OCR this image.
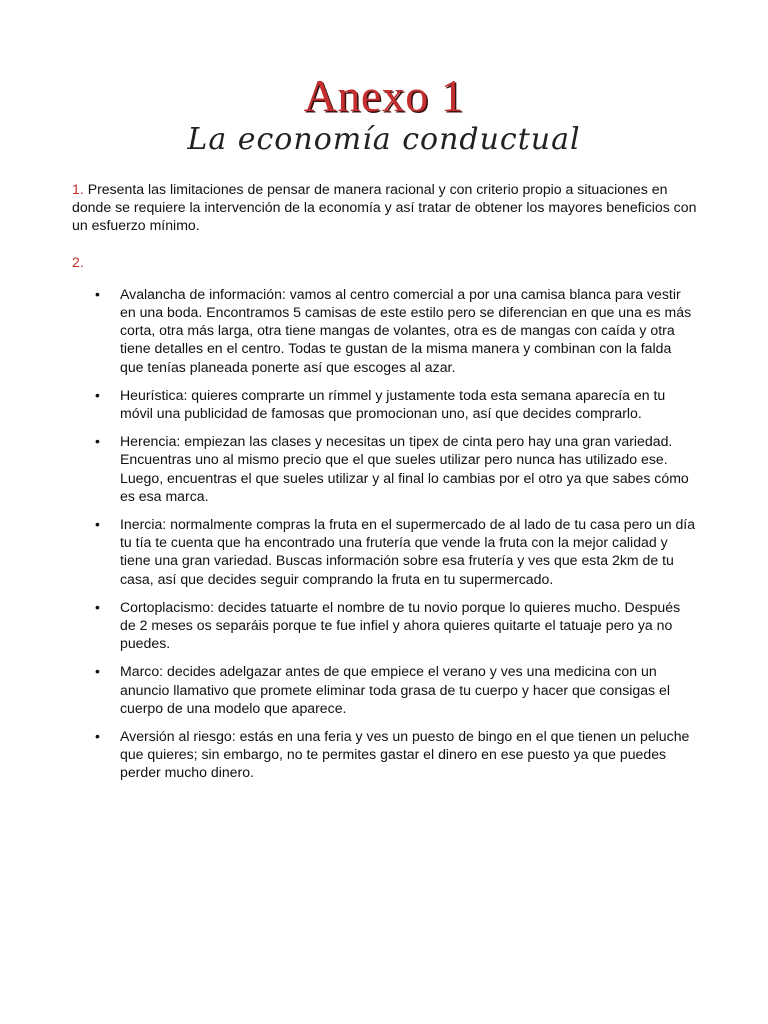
Anexo 1
La economía conductual

1. Presenta las limitaciones de pensar de manera racional y con criterio propio a situaciones en donde se requiere la intervención de la economía y así tratar de obtener los mayores beneficios con un esfuerzo mínimo.

2.

• Avalancha de información: vamos al centro comercial a por una camisa blanca para vestir en una boda. Encontramos 5 camisas de este estilo pero se diferencian en que una es más corta, otra más larga, otra tiene mangas de volantes, otra es de mangas con caída y otra tiene detalles en el centro. Todas te gustan de la misma manera y combinan con la falda que tenías planeada ponerte así que escoges al azar.
• Heurística: quieres comprarte un rímmel y justamente toda esta semana aparecía en tu móvil una publicidad de famosas que promocionan uno, así que decides comprarlo.
• Herencia: empiezan las clases y necesitas un tipex de cinta pero hay una gran variedad. Encuentras uno al mismo precio que el que sueles utilizar pero nunca has utilizado ese. Luego, encuentras el que sueles utilizar y al final lo cambias por el otro ya que sabes cómo es esa marca.
• Inercia: normalmente compras la fruta en el supermercado de al lado de tu casa pero un día tu tía te cuenta que ha encontrado una frutería que vende la fruta con la mejor calidad y tiene una gran variedad. Buscas información sobre esa frutería y ves que esta 2km de tu casa, así que decides seguir comprando la fruta en tu supermercado.
• Cortoplacismo: decides tatuarte el nombre de tu novio porque lo quieres mucho. Después de 2 meses os separáis porque te fue infiel y ahora quieres quitarte el tatuaje pero ya no puedes.
• Marco: decides adelgazar antes de que empiece el verano y ves una medicina con un anuncio llamativo que promete eliminar toda grasa de tu cuerpo y hacer que consigas el cuerpo de una modelo que aparece.
• Aversión al riesgo: estás en una feria y ves un puesto de bingo en el que tienen un peluche que quieres; sin embargo, no te permites gastar el dinero en ese puesto ya que puedes perder mucho dinero.
